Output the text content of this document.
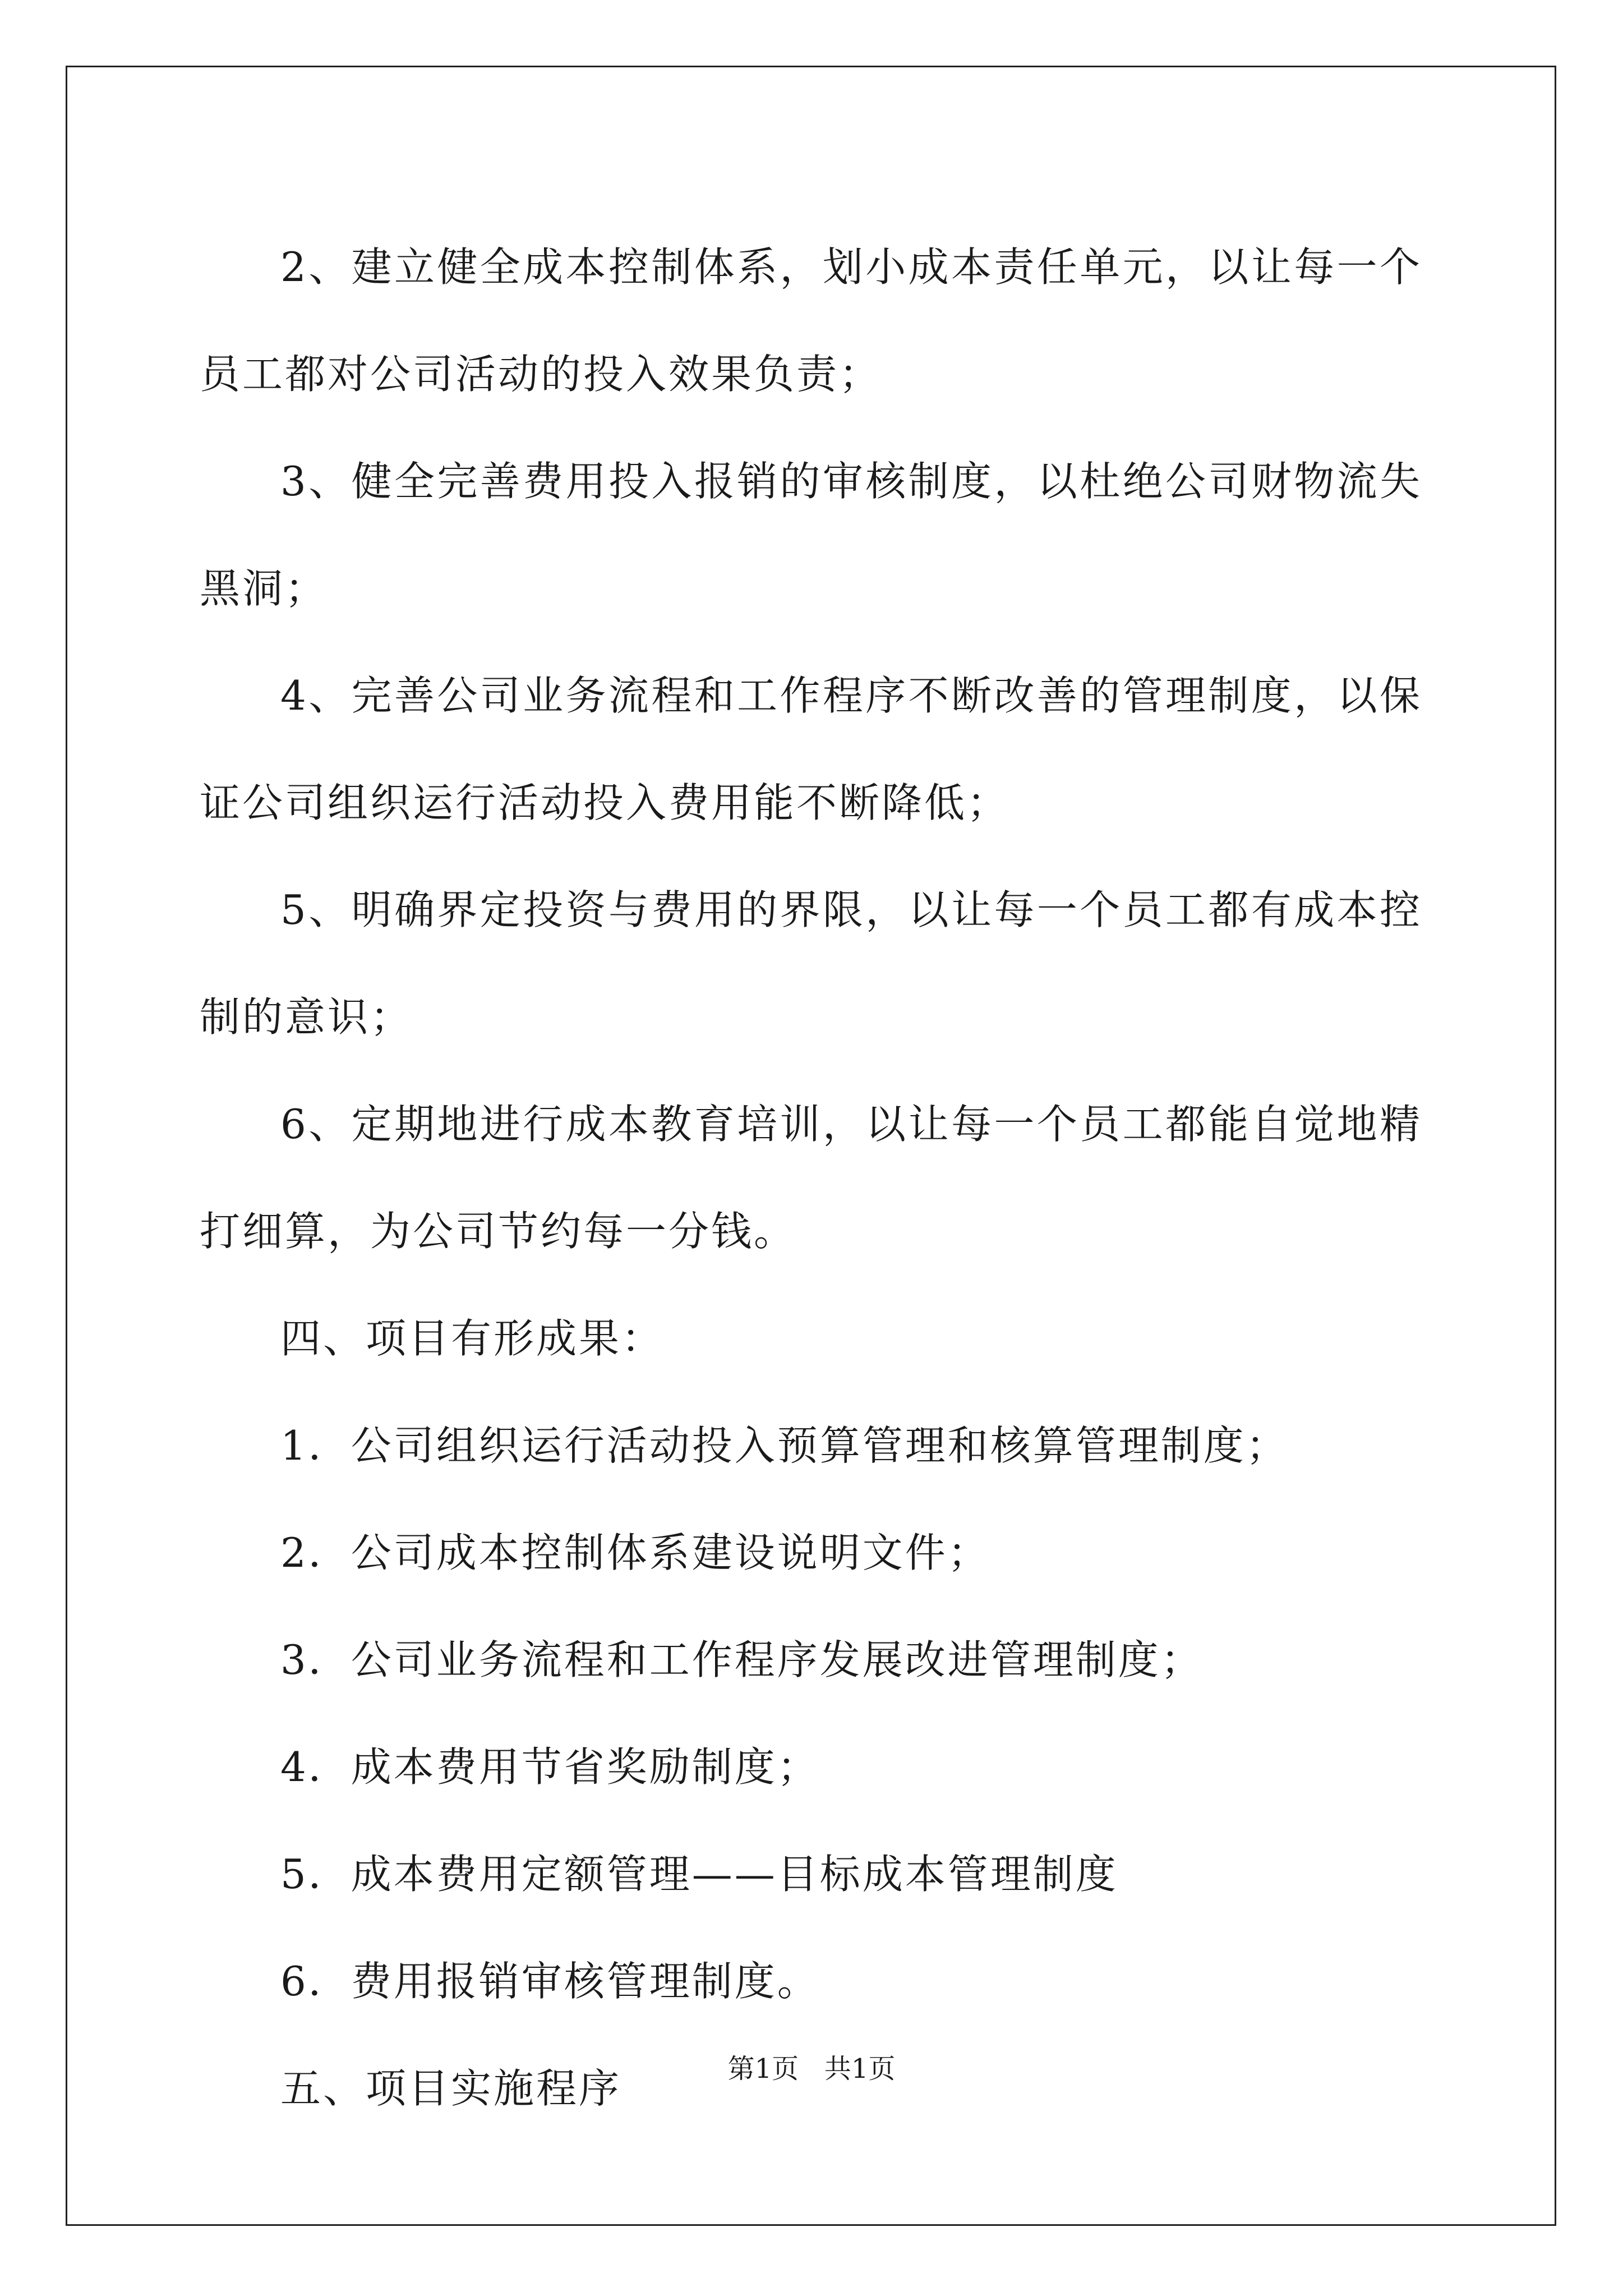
2、建立健全成本控制体系，划小成本责任单元，以让每一个员工都对公司活动的投入效果负责；

3、健全完善费用投入报销的审核制度，以杜绝公司财物流失黑洞；

4、完善公司业务流程和工作程序不断改善的管理制度，以保证公司组织运行活动投入费用能不断降低；

5、明确界定投资与费用的界限，以让每一个员工都有成本控制的意识；

6、定期地进行成本教育培训，以让每一个员工都能自觉地精打细算，为公司节约每一分钱。

四、项目有形成果：

1．公司组织运行活动投入预算管理和核算管理制度；

2．公司成本控制体系建设说明文件；

3．公司业务流程和工作程序发展改进管理制度；

4．成本费用节省奖励制度；

5．成本费用定额管理——目标成本管理制度

6．费用报销审核管理制度。

五、项目实施程序	第1页 共1页
